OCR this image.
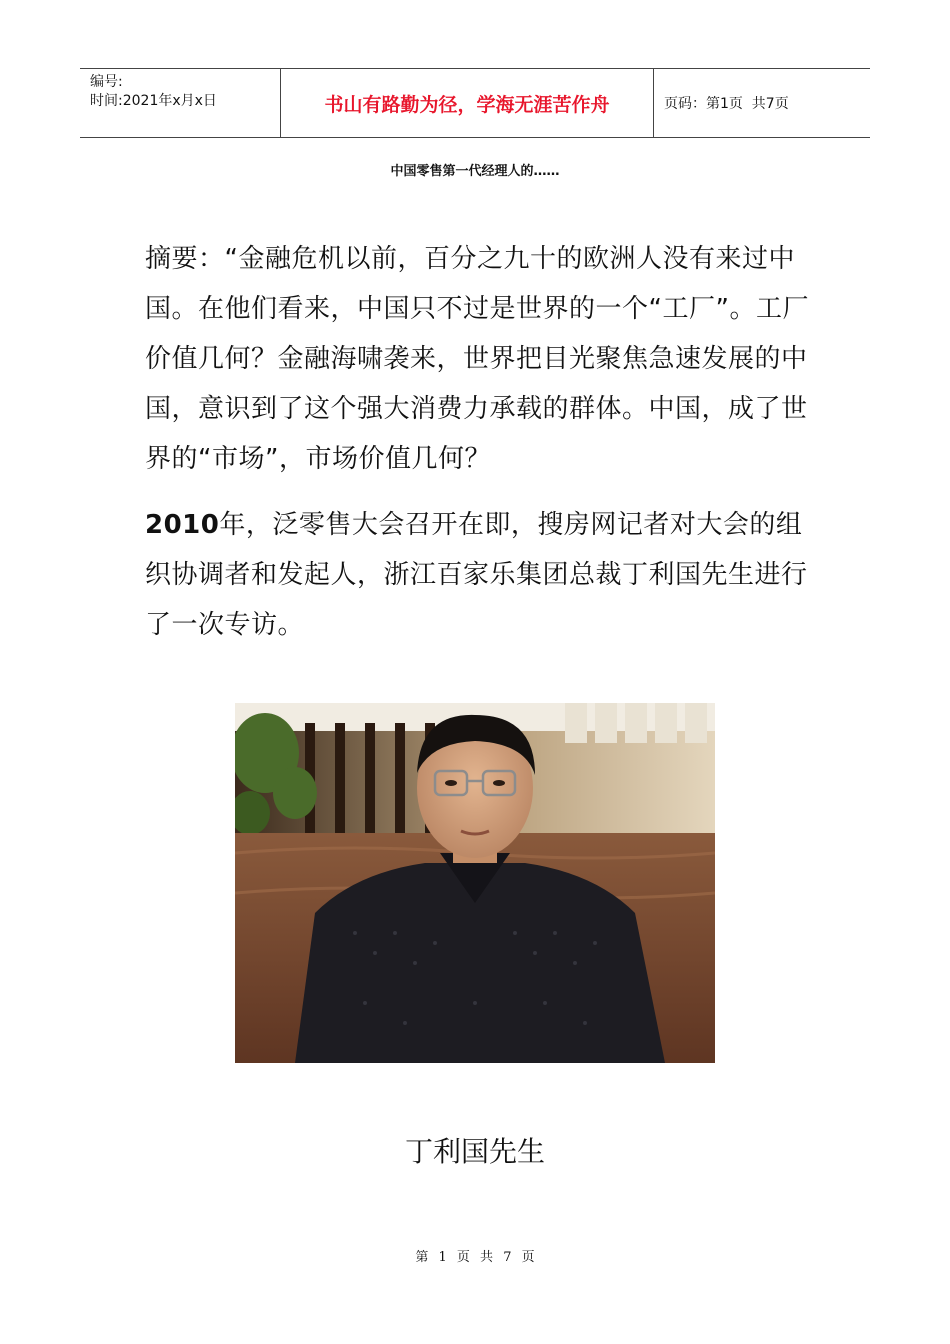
编号:
时间:2021年x月x日	书山有路勤为径，学海无涯苦作舟	页码：第1页  共7页
中国零售第一代经理人的……

摘要：“金融危机以前，百分之九十的欧洲人没有来过中国。在他们看来，中国只不过是世界的一个“工厂”。工厂价值几何？金融海啸袭来，世界把目光聚焦急速发展的中国，意识到了这个强大消费力承载的群体。中国，成了世界的“市场”，市场价值几何？

2010年，泛零售大会召开在即，搜房网记者对大会的组织协调者和发起人，浙江百家乐集团总裁丁利国先生进行了一次专访。

丁利国先生
第 1 页 共 7 页
